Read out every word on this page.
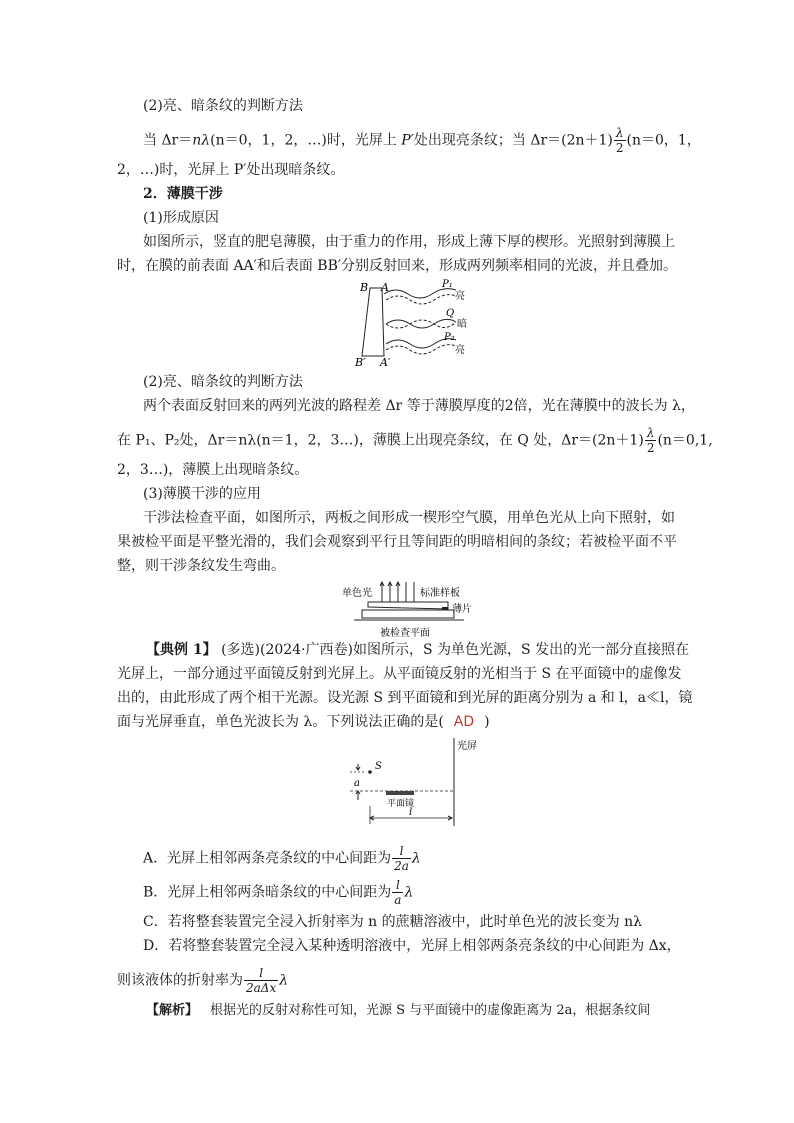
(2)亮、暗条纹的判断方法
当 Δr＝nλ(n＝0，1，2，…)时，光屏上 P′处出现亮条纹；当 $\Delta r=(2n+1) \frac{\lambda}{2} (n=0$，1，
2，…)时，光屏上 P′处出现暗条纹。
2．薄膜干涉
(1)形成原因
如图所示，竖直的肥皂薄膜，由于重力的作用，形成上薄下厚的楔形。光照射到薄膜上
时，在膜的前表面 AA′和后表面 BB′分别反射回来，形成两列频率相同的光波，并且叠加。
B A
B′ A′
P₁
亮
Q
暗
P₂
亮
(2)亮、暗条纹的判断方法
两个表面反射回来的两列光波的路程差 Δr 等于薄膜厚度的2倍，光在薄膜中的波长为 λ，
在 P₁、P₂处，Δr＝nλ(n＝1，2，3…)，薄膜上出现亮条纹，在 Q 处，$\Delta r=(2n+1) \frac{\lambda}{2} (n=0,1$,
2，3…)，薄膜上出现暗条纹。
(3)薄膜干涉的应用
干涉法检查平面，如图所示，两板之间形成一楔形空气膜，用单色光从上向下照射，如
果被检平面是平整光滑的，我们会观察到平行且等间距的明暗相间的条纹；若被检平面不平
整，则干涉条纹发生弯曲。
单色光	标准样板
薄片
被检查平面
【典例 1】 (多选)(2024·广西卷)如图所示，S 为单色光源，S 发出的光一部分直接照在
光屏上，一部分通过平面镜反射到光屏上。从平面镜反射的光相当于 S 在平面镜中的虚像发
出的，由此形成了两个相干光源。设光源 S 到平面镜和到光屏的距离分别为 a 和 l，a≪l，镜
面与光屏垂直，单色光波长为 λ。下列说法正确的是( AD )
光屏
S
a
平面镜
l
A．光屏上相邻两条亮条纹的中心间距为 $\frac{l}{2a}$ λ
B．光屏上相邻两条暗条纹的中心间距为 $\frac{l}{a}$ λ
C．若将整套装置完全浸入折射率为 n 的蔗糖溶液中，此时单色光的波长变为 nλ
D．若将整套装置完全浸入某种透明溶液中，光屏上相邻两条亮条纹的中心间距为 Δx，
则该液体的折射率为 $\frac{l}{\text{2aΔx}}$ λ
【解析】 根据光的反射对称性可知，光源 S 与平面镜中的虚像距离为 2a，根据条纹间
